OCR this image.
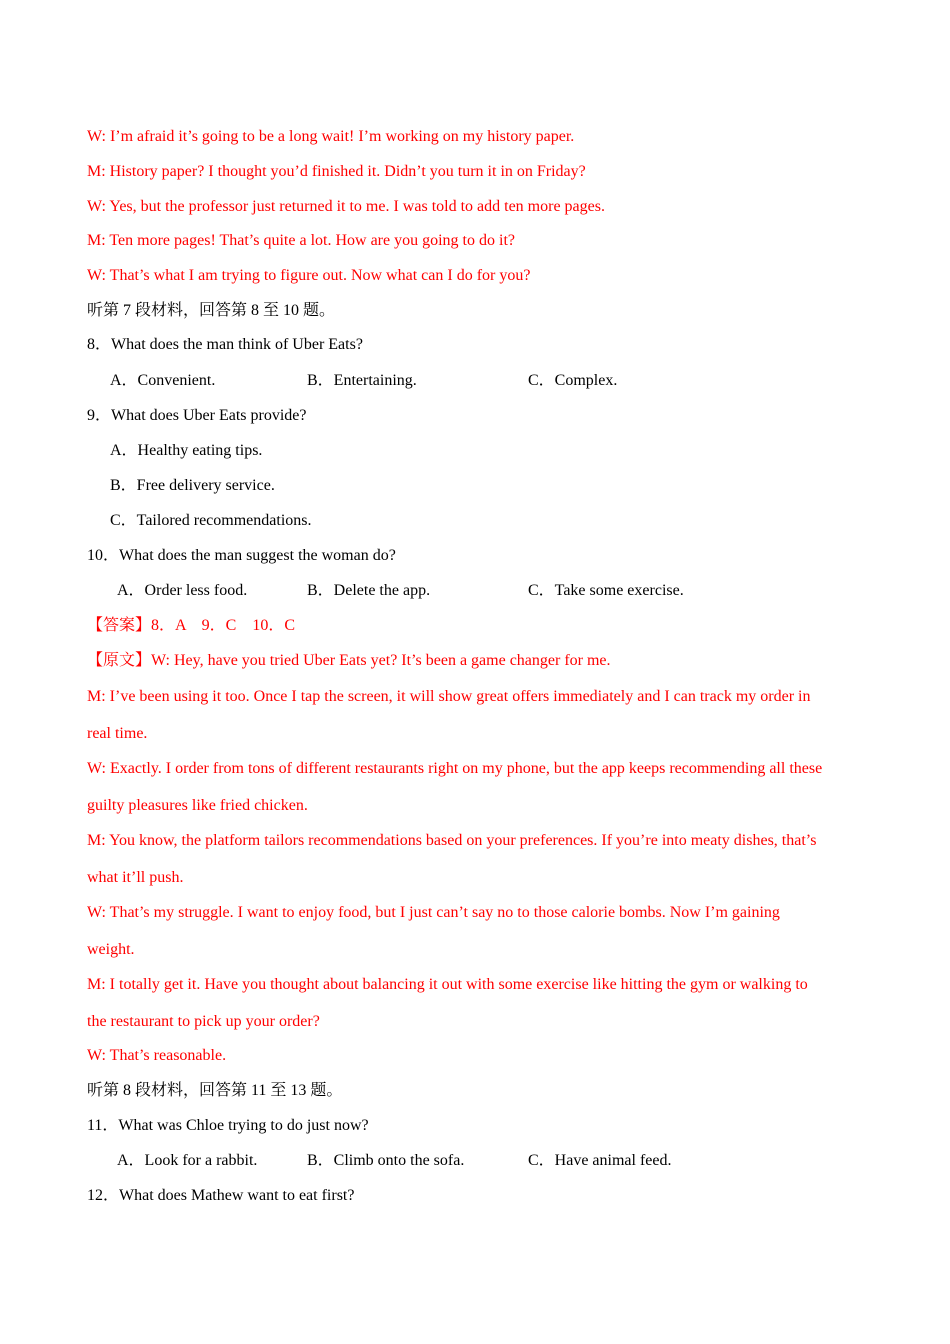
W: I’m afraid it’s going to be a long wait! I’m working on my history paper.
M: History paper? I thought you’d finished it. Didn’t you turn it in on Friday?
W: Yes, but the professor just returned it to me. I was told to add ten more pages.
M: Ten more pages! That’s quite a lot. How are you going to do it?
W: That’s what I am trying to figure out. Now what can I do for you?
听第 7 段材料，回答第 8 至 10 题。
8．What does the man think of Uber Eats?
A．Convenient.	B．Entertaining.	C．Complex.
9．What does Uber Eats provide?
A．Healthy eating tips.
B．Free delivery service.
C．Tailored recommendations.
10．What does the man suggest the woman do?
A．Order less food.	B．Delete the app.	C．Take some exercise.
【答案】8．A　9．C　10．C
【原文】W: Hey, have you tried Uber Eats yet? It’s been a game changer for me.
M: I’ve been using it too. Once I tap the screen, it will show great offers immediately and I can track my order in
real time.
W: Exactly. I order from tons of different restaurants right on my phone, but the app keeps recommending all these
guilty pleasures like fried chicken.
M: You know, the platform tailors recommendations based on your preferences. If you’re into meaty dishes, that’s
what it’ll push.
W: That’s my struggle. I want to enjoy food, but I just can’t say no to those calorie bombs. Now I’m gaining
weight.
M: I totally get it. Have you thought about balancing it out with some exercise like hitting the gym or walking to
the restaurant to pick up your order?
W: That’s reasonable.
听第 8 段材料，回答第 11 至 13 题。
11．What was Chloe trying to do just now?
A．Look for a rabbit.	B．Climb onto the sofa.	C．Have animal feed.
12．What does Mathew want to eat first?
